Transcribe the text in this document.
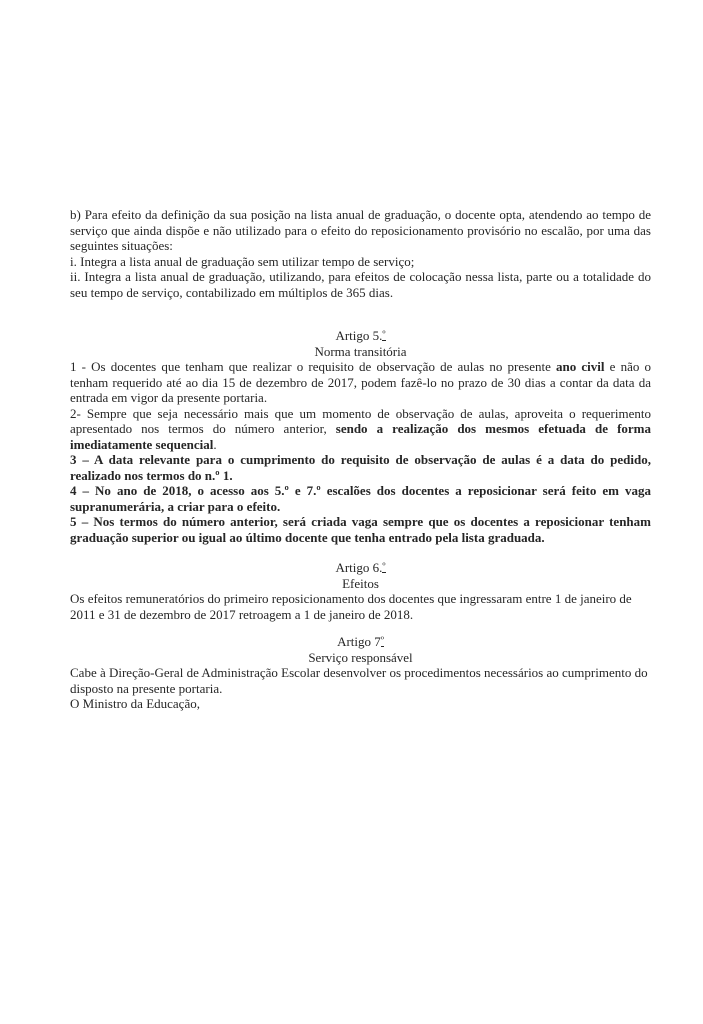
b) Para efeito da definição da sua posição na lista anual de graduação, o docente opta, atendendo ao tempo de serviço que ainda dispõe e não utilizado para o efeito do reposicionamento provisório no escalão, por uma das seguintes situações:

i. Integra a lista anual de graduação sem utilizar tempo de serviço;

ii. Integra a lista anual de graduação, utilizando, para efeitos de colocação nessa lista, parte ou a totalidade do seu tempo de serviço, contabilizado em múltiplos de 365 dias.

Artigo 5.$^º$

Norma transitória

1 - Os docentes que tenham que realizar o requisito de observação de aulas no presente ano civil e não o tenham requerido até ao dia 15 de dezembro de 2017, podem fazê-lo no prazo de 30 dias a contar da data da entrada em vigor da presente portaria.

2- Sempre que seja necessário mais que um momento de observação de aulas, aproveita o requerimento apresentado nos termos do número anterior, sendo a realização dos mesmos efetuada de forma imediatamente sequencial.

3 – A data relevante para o cumprimento do requisito de observação de aulas é a data do pedido, realizado nos termos do n.º 1.

4 – No ano de 2018, o acesso aos 5.º e 7.º escalões dos docentes a reposicionar será feito em vaga supranumerária, a criar para o efeito.

5 – Nos termos do número anterior, será criada vaga sempre que os docentes a reposicionar tenham graduação superior ou igual ao último docente que tenha entrado pela lista graduada.

Artigo 6.$^º$

Efeitos

Os efeitos remuneratórios do primeiro reposicionamento dos docentes que ingressaram entre 1 de janeiro de 2011 e 31 de dezembro de 2017 retroagem a 1 de janeiro de 2018.

Artigo $7^º$

Serviço responsável

Cabe à Direção-Geral de Administração Escolar desenvolver os procedimentos necessários ao cumprimento do disposto na presente portaria.

O Ministro da Educação,
